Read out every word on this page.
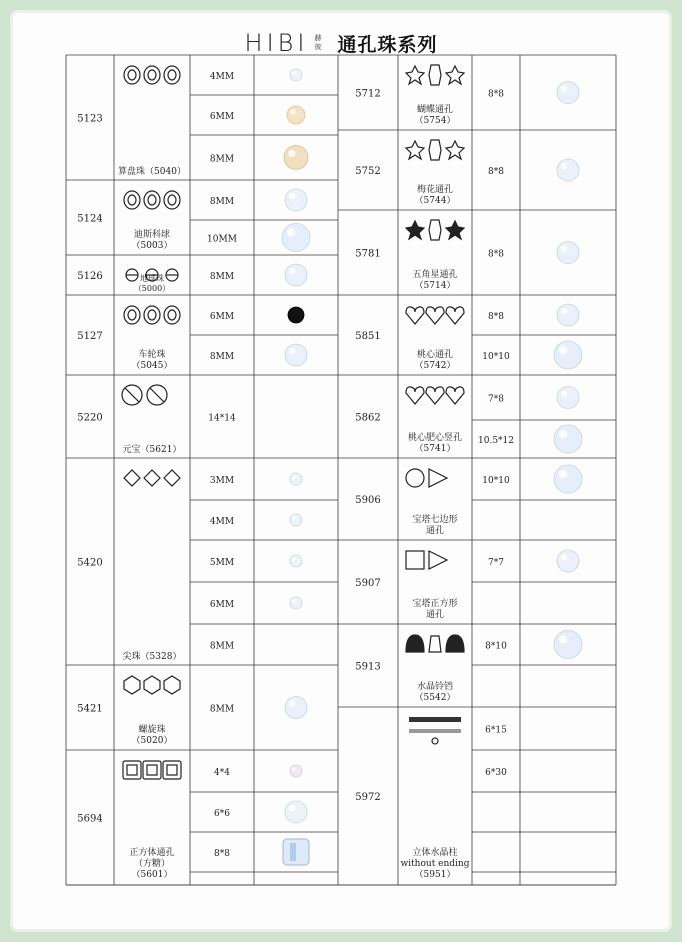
HIBI 赫
彼 通孔珠系列
5123
算盘珠（5040）
4MM
6MM
8MM
5124
迪斯科球
（5003）
8MM
10MM
5126	地球珠
（5000）
8MM
5127
车轮珠
（5045）
6MM
8MM
5220
元宝（5621）
14*14
5420
尖珠（5328）
3MM
4MM
5MM
6MM
8MM
5421
螺旋珠
（5020）
8MM
5694
正方体通孔
（方糖）
（5601）
4*4
6*6
8*8
5712
蝴蝶通孔
（5754）
8*8
5752
梅花通孔
（5744）
8*8
5781
五角星通孔
（5714）
8*8
5851
桃心通孔
（5742）
8*8
10*10
5862
桃心肥心竖孔
（5741）
7*8
10.5*12
5906
宝塔七边形
通孔
10*10
5907
宝塔正方形
通孔
7*7
5913
水晶铃铛
（5542）
8*10
5972
立体水晶柱
without ending
（5951）
6*15
6*30
